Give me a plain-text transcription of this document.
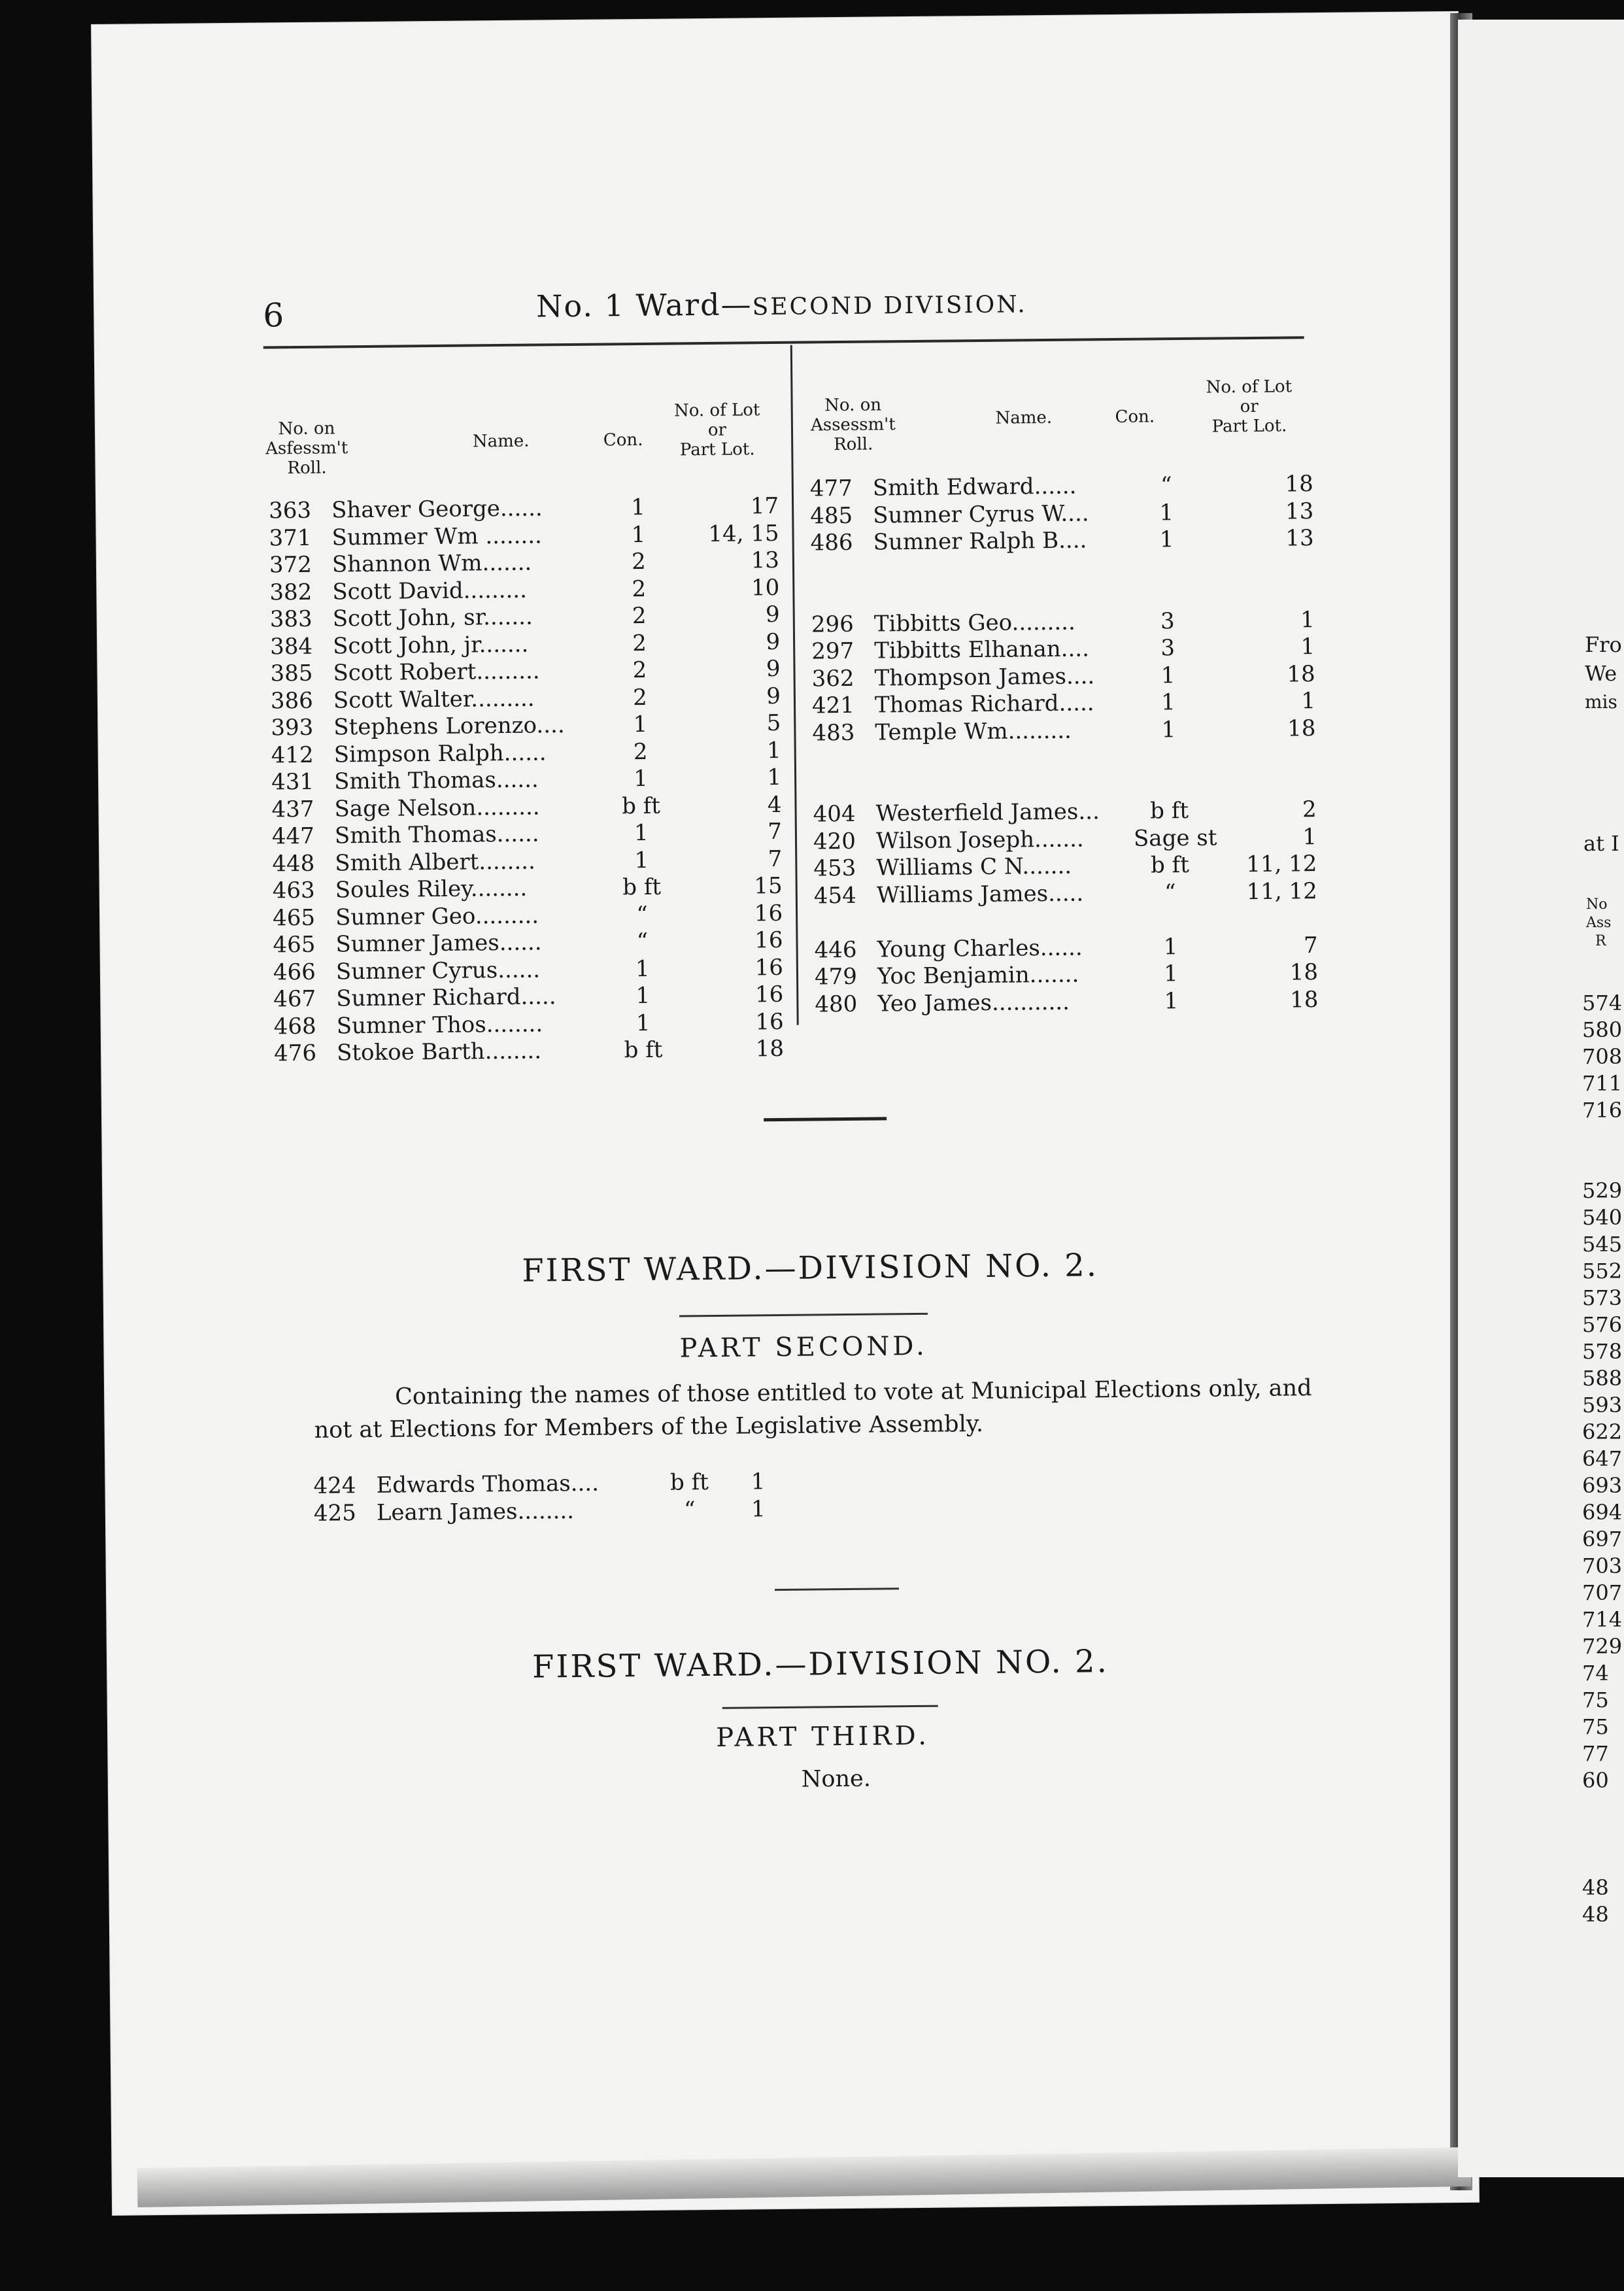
6	No. 1 Ward—SECOND DIVISION.
No. on
Asfessm't
Roll.
Name.	Con.
No. of Lot
or
Part Lot.
No. on
Assessm't
Roll.
Name.	Con.
No. of Lot
or
Part Lot.
363 Shaver George......	1	17
371 Summer Wm ........	1	14, 15
372 Shannon Wm.......	2	13
382 Scott David.........	2	10
383 Scott John, sr.......	2	9
384 Scott John, jr.......	2	9
385 Scott Robert.........	2	9
386 Scott Walter.........	2	9
393 Stephens Lorenzo....	1	5
412 Simpson Ralph......	2	1
431 Smith Thomas......	1	1
437 Sage Nelson.........	b ft	4
447 Smith Thomas......	1	7
448 Smith Albert........	1	7
463 Soules Riley........	b ft	15
465 Sumner Geo.........	“	16
465 Sumner James......	“	16
466 Sumner Cyrus......	1	16
467 Sumner Richard.....	1	16
468 Sumner Thos........	1	16
476 Stokoe Barth........	b ft	18
477 Smith Edward......	“	18
485 Sumner Cyrus W....	1	13
486 Sumner Ralph B....	1	13
296 Tibbitts Geo.........	3	1
297 Tibbitts Elhanan....	3	1
362 Thompson James....	1	18
421 Thomas Richard.....	1	1
483 Temple Wm.........	1	18
404 Westerfield James...	b ft	2
420 Wilson Joseph....... Sage st	1
453 Williams C N.......	b ft	11, 12
454 Williams James.....	“	11, 12
446 Young Charles......	1	7
479 Yoc Benjamin.......	1	18
480 Yeo James...........	1	18
FIRST WARD.—DIVISION NO. 2.
PART SECOND.
Containing the names of those entitled to vote at Municipal Elections only, and
not at Elections for Members of the Legislative Assembly.
424 Edwards Thomas....	b ft	1
425 Learn James........	“	1
FIRST WARD.—DIVISION NO. 2.
PART THIRD.
None.
Fro
We
mis
at I
No
Ass
R
574
580
708
711
716
529
540
545
552
573
576
578
588
593
622
647
693
694
697
703
707
714
729
74
75
75
77
60
48
48
